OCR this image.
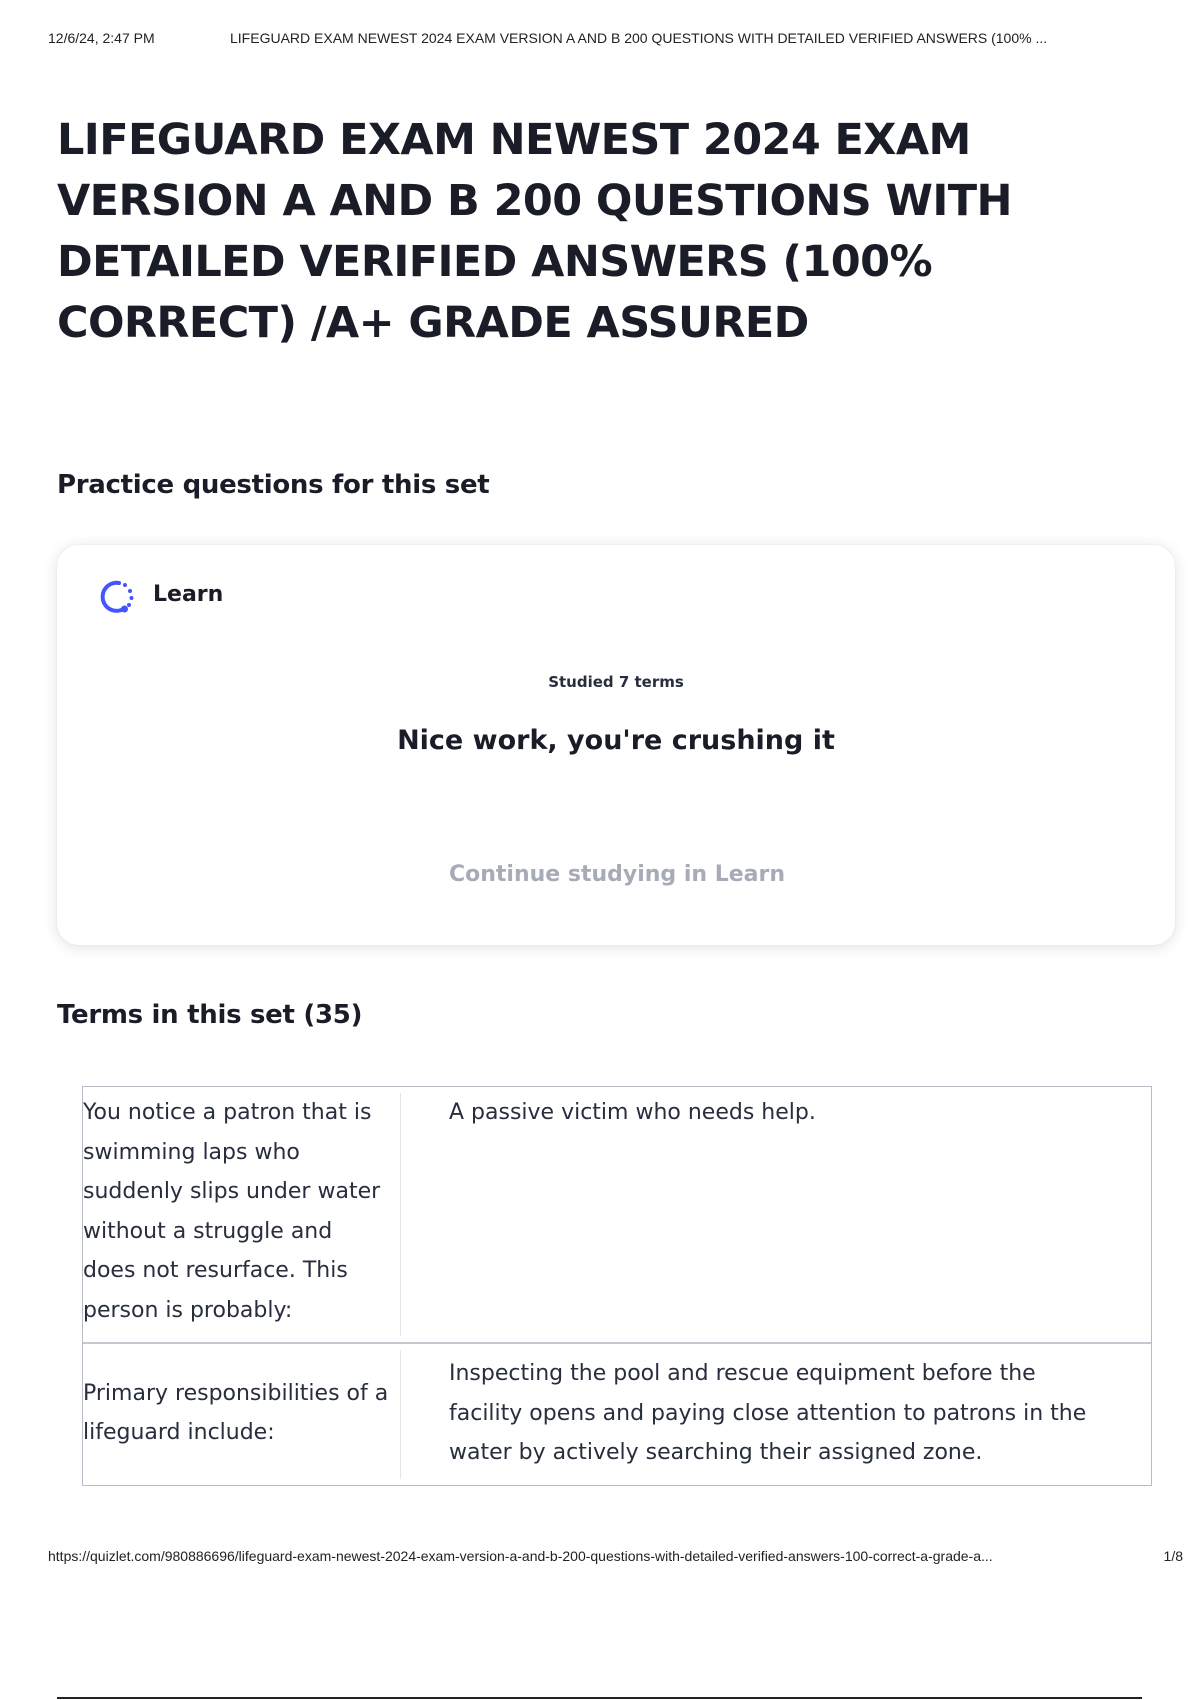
12/6/24, 2:47 PM	LIFEGUARD EXAM NEWEST 2024 EXAM VERSION A AND B 200 QUESTIONS WITH DETAILED VERIFIED ANSWERS (100% ...
LIFEGUARD EXAM NEWEST 2024 EXAM VERSION A AND B 200 QUESTIONS WITH DETAILED VERIFIED ANSWERS (100% CORRECT) /A+ GRADE ASSURED
Practice questions for this set
Learn
Studied 7 terms
Nice work, you're crushing it
Continue studying in Learn
Terms in this set (35)
You notice a patron that is swimming laps who suddenly slips under water without a struggle and does not resurface. This person is probably:
A passive victim who needs help.
Primary responsibilities of a lifeguard include:
Inspecting the pool and rescue equipment before the facility opens and paying close attention to patrons in the water by actively searching their assigned zone.
https://quizlet.com/980886696/lifeguard-exam-newest-2024-exam-version-a-and-b-200-questions-with-detailed-verified-answers-100-correct-a-grade-a...	1/8
